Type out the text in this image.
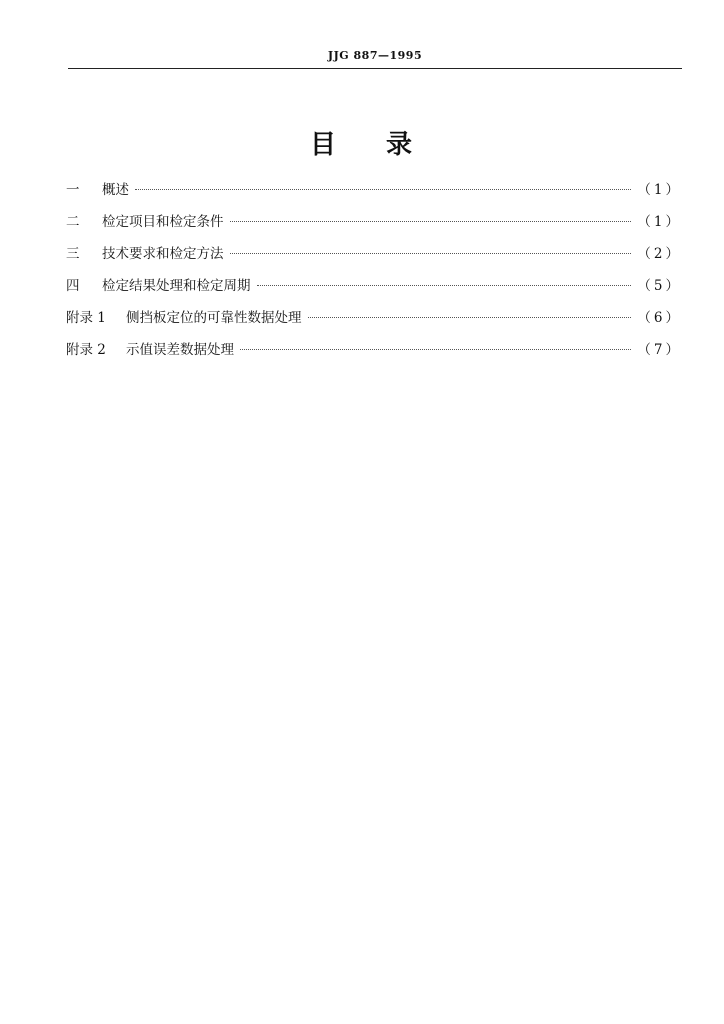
JJG 887—1995
目 录
一	概述	（1）
二	检定项目和检定条件	（1）
三	技术要求和检定方法	（2）
四	检定结果处理和检定周期	（5）
附录 1	侧挡板定位的可靠性数据处理	（6）
附录 2	示值误差数据处理	（7）
